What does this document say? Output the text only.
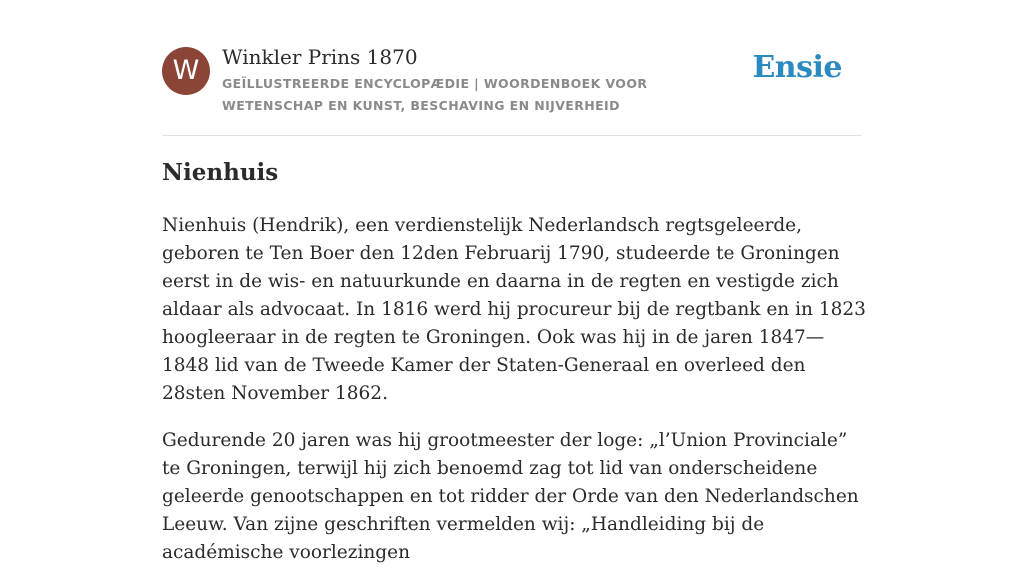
W	Winkler Prins 1870
GEÏLLUSTREERDE ENCYCLOPÆDIE | WOORDENBOEK VOOR WETENSCHAP EN KUNST, BESCHAVING EN NIJVERHEID
Ensie
Nienhuis

Nienhuis (Hendrik), een verdienstelijk Nederlandsch regtsgeleerde, geboren te Ten Boer den 12den Februarij 1790, studeerde te Groningen eerst in de wis- en natuurkunde en daarna in de regten en vestigde zich aldaar als advocaat. In 1816 werd hij procureur bij de regtbank en in 1823 hoogleeraar in de regten te Groningen. Ook was hij in de jaren 1847—1848 lid van de Tweede Kamer der Staten-Generaal en overleed den 28sten November 1862.

Gedurende 20 jaren was hij grootmeester der loge: „l’Union Provinciale” te Groningen, terwijl hij zich benoemd zag tot lid van onderscheidene geleerde genootschappen en tot ridder der Orde van den Nederlandschen Leeuw. Van zijne geschriften vermelden wij: „Handleiding bij de académische voorlezingen
